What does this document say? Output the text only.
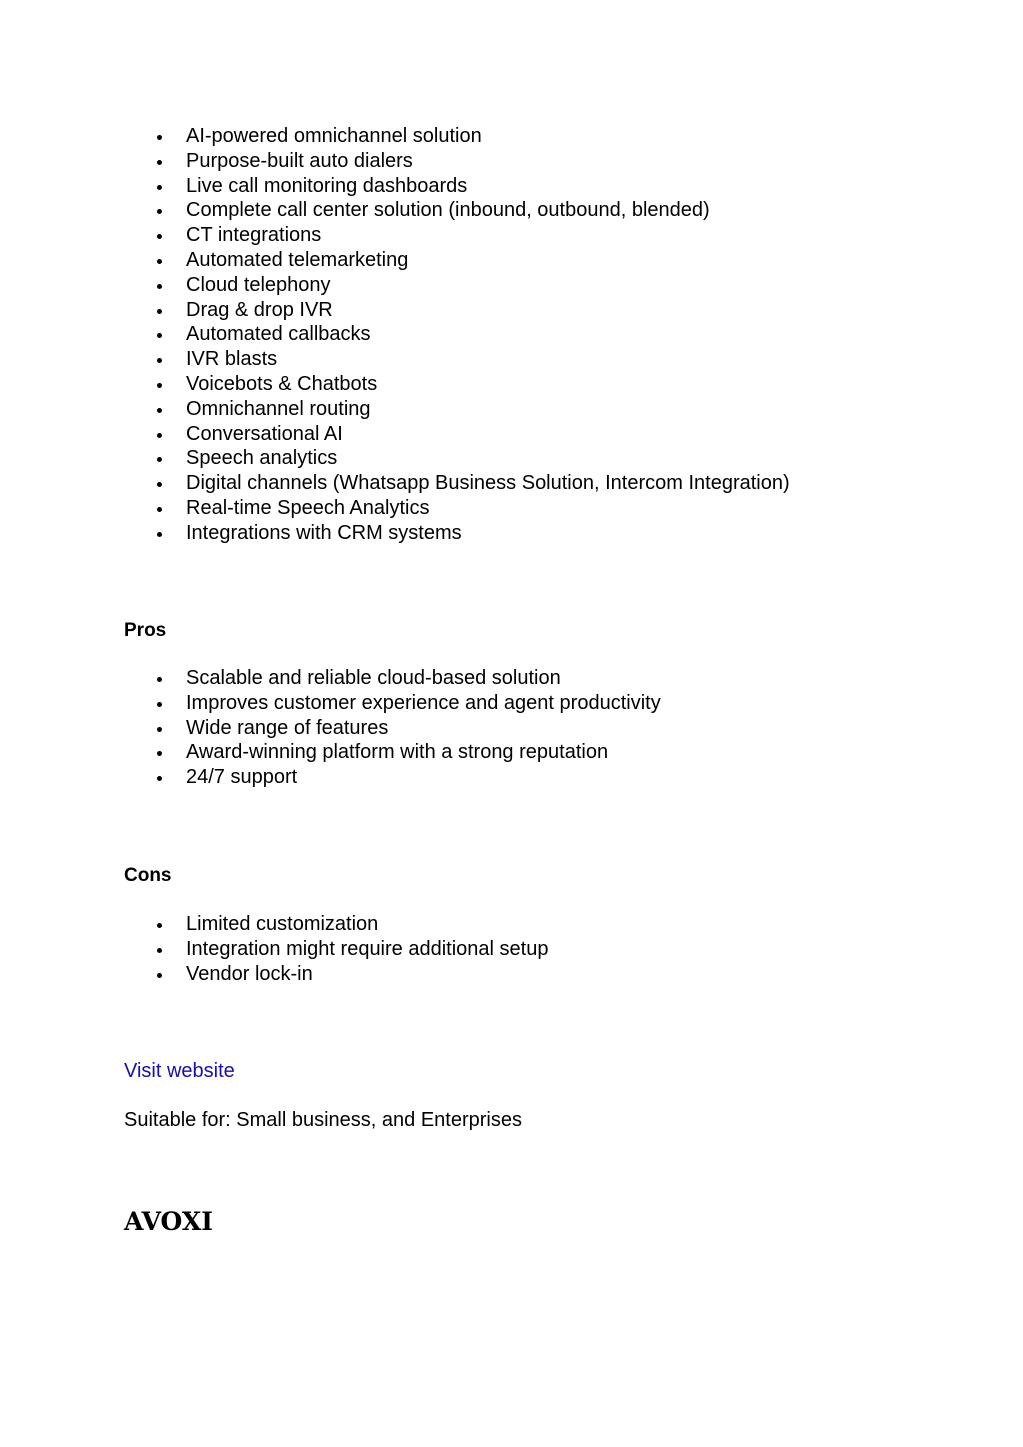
AI-powered omnichannel solution
Purpose-built auto dialers
Live call monitoring dashboards
Complete call center solution (inbound, outbound, blended)
CT integrations
Automated telemarketing
Cloud telephony
Drag & drop IVR
Automated callbacks
IVR blasts
Voicebots & Chatbots
Omnichannel routing
Conversational AI
Speech analytics
Digital channels (Whatsapp Business Solution, Intercom Integration)
Real-time Speech Analytics
Integrations with CRM systems
Pros
Scalable and reliable cloud-based solution
Improves customer experience and agent productivity
Wide range of features
Award-winning platform with a strong reputation
24/7 support
Cons
Limited customization
Integration might require additional setup
Vendor lock-in
Visit website
Suitable for: Small business, and Enterprises
AVOXI
